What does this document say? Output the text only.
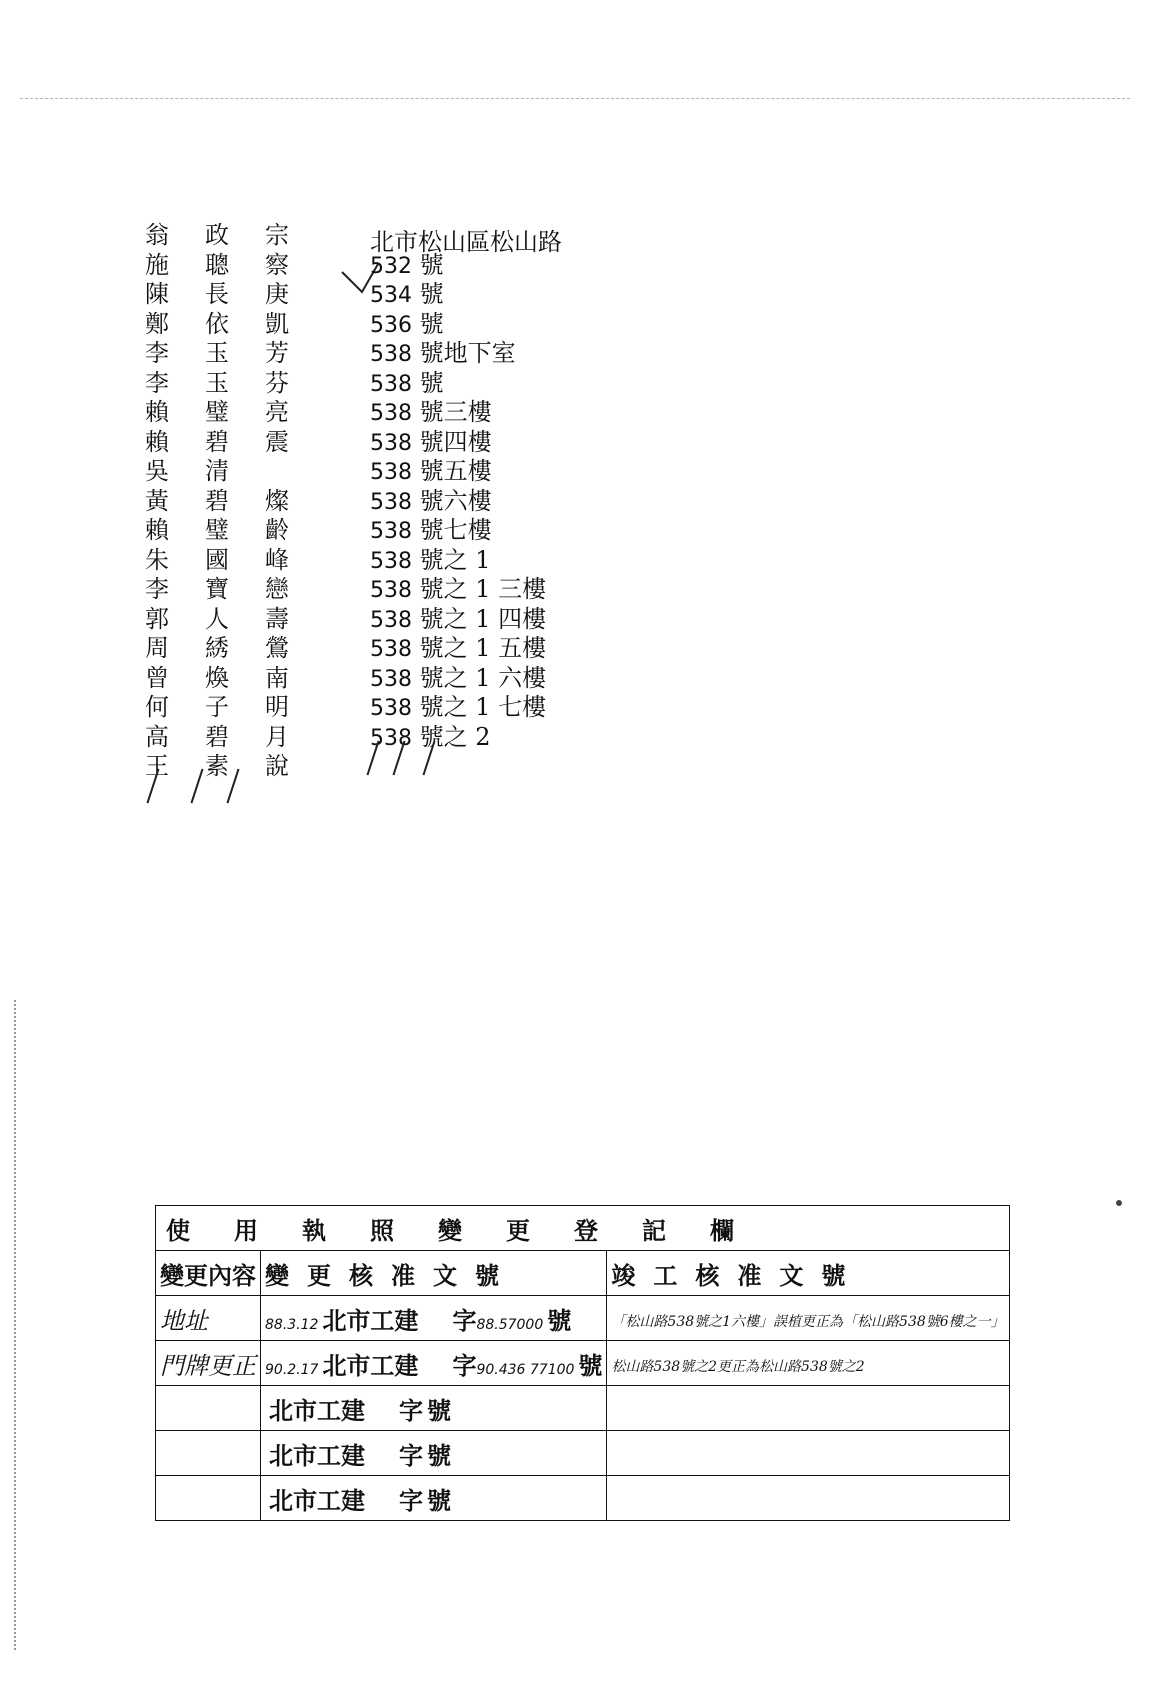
北市松山區松山路
翁 政 宗
施 聰 察	532 號
陳 長 庚	534 號
鄭 依 凱	536 號
李 玉 芳	538 號地下室
李 玉 芬	538 號
賴 璧 亮	538 號三樓
賴 碧 震	538 號四樓
吳 清	538 號五樓
黃 碧 燦	538 號六樓
賴 璧 齡	538 號七樓
朱 國 峰	538 號之 1
李 寶 戀	538 號之 1 三樓
郭 人 壽	538 號之 1 四樓
周 綉 鶯	538 號之 1 五樓
曾 煥 南	538 號之 1 六樓
何 子 明	538 號之 1 七樓
高 碧 月	538 號之 2
王 素 說
使用執照變更登記欄		
變更內容	變更核准文號	竣工核准文號
地址	88.3.12 北市工建 字88.57000 號	「松山路538號之1六樓」誤植更正為「松山路538號6樓之一」
門牌更正	90.2.17 北市工建 字90.436 77100 號	松山路538號之2更正為松山路538號之2
	北市工建 字 號	
	北市工建 字 號	
	北市工建 字 號	
